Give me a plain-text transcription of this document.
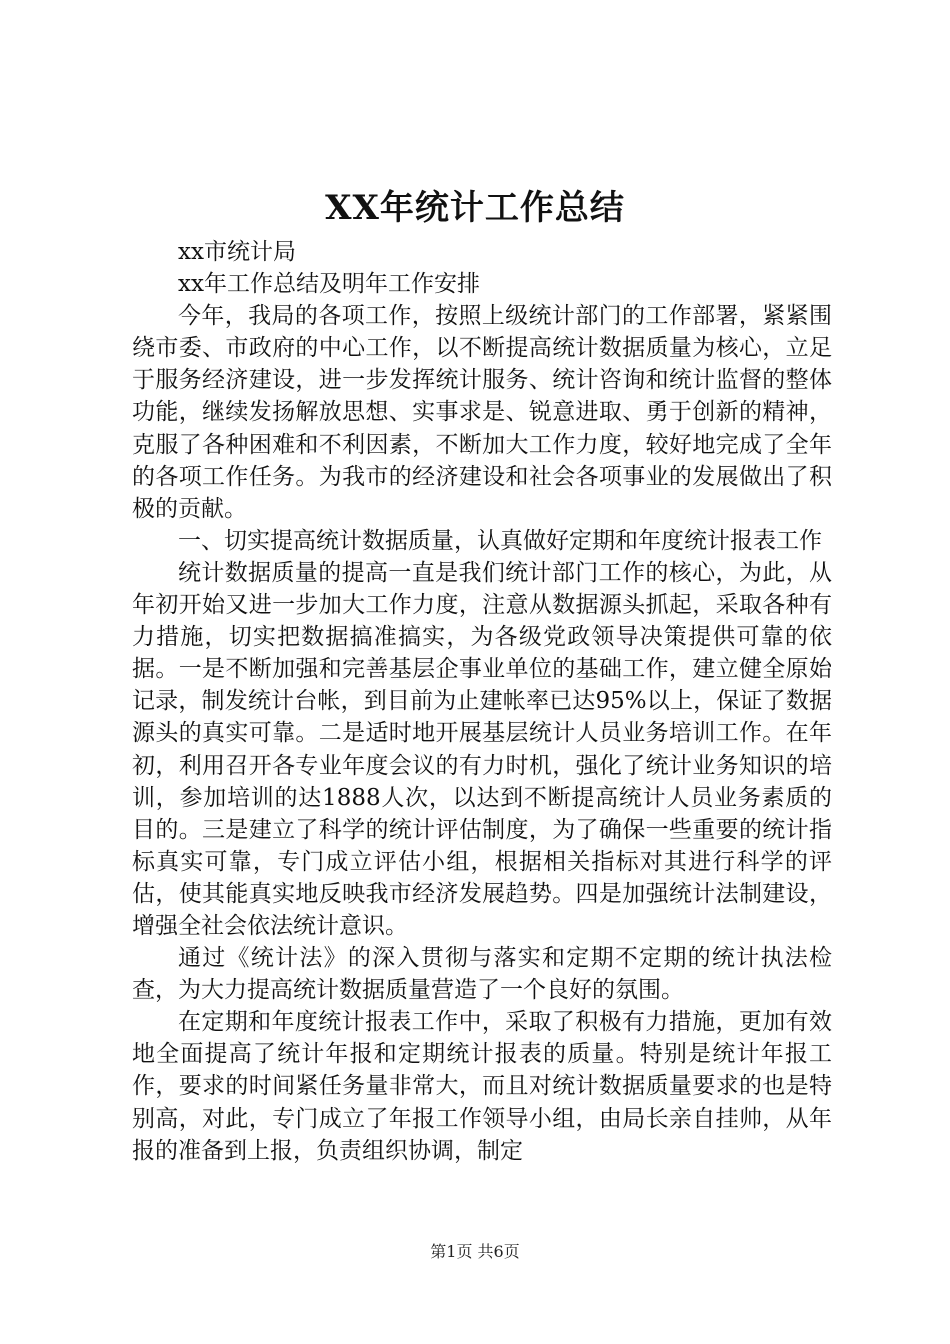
XX年统计工作总结

xx市统计局

xx年工作总结及明年工作安排

今年，我局的各项工作，按照上级统计部门的工作部署，紧紧围绕市委、市政府的中心工作，以不断提高统计数据质量为核心，立足于服务经济建设，进一步发挥统计服务、统计咨询和统计监督的整体功能，继续发扬解放思想、实事求是、锐意进取、勇于创新的精神，克服了各种困难和不利因素，不断加大工作力度，较好地完成了全年的各项工作任务。为我市的经济建设和社会各项事业的发展做出了积极的贡献。

一、切实提高统计数据质量，认真做好定期和年度统计报表工作

统计数据质量的提高一直是我们统计部门工作的核心，为此，从年初开始又进一步加大工作力度，注意从数据源头抓起，采取各种有力措施，切实把数据搞准搞实，为各级党政领导决策提供可靠的依据。一是不断加强和完善基层企事业单位的基础工作，建立健全原始记录，制发统计台帐，到目前为止建帐率已达95%以上，保证了数据源头的真实可靠。二是适时地开展基层统计人员业务培训工作。在年初，利用召开各专业年度会议的有力时机，强化了统计业务知识的培训，参加培训的达1888人次，以达到不断提高统计人员业务素质的目的。三是建立了科学的统计评估制度，为了确保一些重要的统计指标真实可靠，专门成立评估小组，根据相关指标对其进行科学的评估，使其能真实地反映我市经济发展趋势。四是加强统计法制建设，增强全社会依法统计意识。

通过《统计法》的深入贯彻与落实和定期不定期的统计执法检查，为大力提高统计数据质量营造了一个良好的氛围。

在定期和年度统计报表工作中，采取了积极有力措施，更加有效地全面提高了统计年报和定期统计报表的质量。特别是统计年报工作，要求的时间紧任务量非常大，而且对统计数据质量要求的也是特别高，对此，专门成立了年报工作领导小组，由局长亲自挂帅，从年报的准备到上报，负责组织协调，制定

第1页 共6页
